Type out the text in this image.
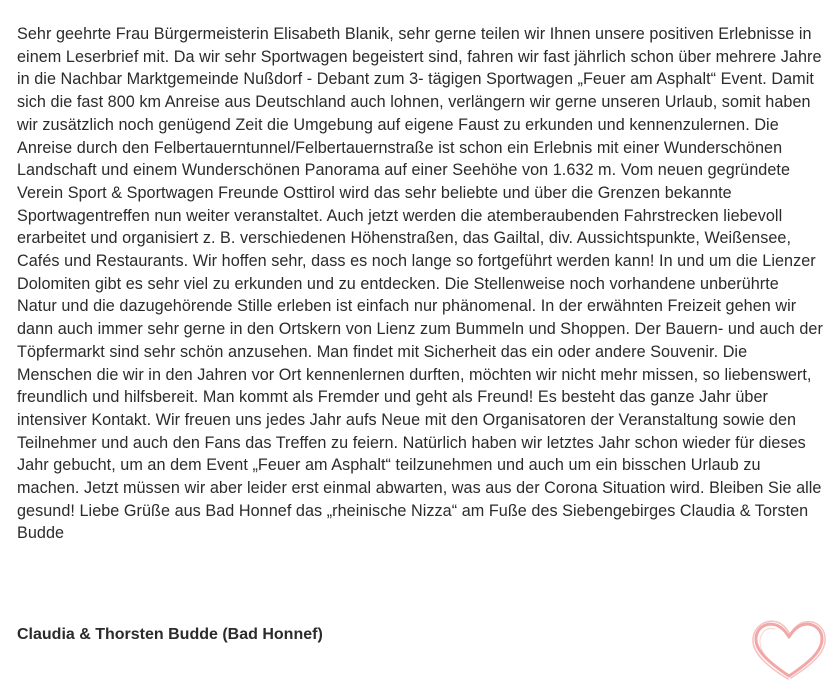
Sehr geehrte Frau Bürgermeisterin Elisabeth Blanik, sehr gerne teilen wir Ihnen unsere positiven Erlebnisse in einem Leserbrief mit. Da wir sehr Sportwagen begeistert sind, fahren wir fast jährlich schon über mehrere Jahre in die Nachbar Marktgemeinde Nußdorf - Debant zum 3- tägigen Sportwagen „Feuer am Asphalt“ Event. Damit sich die fast 800 km Anreise aus Deutschland auch lohnen, verlängern wir gerne unseren Urlaub, somit haben wir zusätzlich noch genügend Zeit die Umgebung auf eigene Faust zu erkunden und kennenzulernen. Die Anreise durch den Felbertauerntunnel/Felbertauernstraße ist schon ein Erlebnis mit einer Wunderschönen Landschaft und einem Wunderschönen Panorama auf einer Seehöhe von 1.632 m. Vom neuen gegründete Verein Sport & Sportwagen Freunde Osttirol wird das sehr beliebte und über die Grenzen bekannte Sportwagentreffen nun weiter veranstaltet. Auch jetzt werden die atemberaubenden Fahrstrecken liebevoll erarbeitet und organisiert z. B. verschiedenen Höhenstraßen, das Gailtal, div. Aussichtspunkte, Weißensee, Cafés und Restaurants. Wir hoffen sehr, dass es noch lange so fortgeführt werden kann! In und um die Lienzer Dolomiten gibt es sehr viel zu erkunden und zu entdecken. Die Stellenweise noch vorhandene unberührte Natur und die dazugehörende Stille erleben ist einfach nur phänomenal. In der erwähnten Freizeit gehen wir dann auch immer sehr gerne in den Ortskern von Lienz zum Bummeln und Shoppen. Der Bauern- und auch der Töpfermarkt sind sehr schön anzusehen. Man findet mit Sicherheit das ein oder andere Souvenir. Die Menschen die wir in den Jahren vor Ort kennenlernen durften, möchten wir nicht mehr missen, so liebenswert, freundlich und hilfsbereit. Man kommt als Fremder und geht als Freund! Es besteht das ganze Jahr über intensiver Kontakt. Wir freuen uns jedes Jahr aufs Neue mit den Organisatoren der Veranstaltung sowie den Teilnehmer und auch den Fans das Treffen zu feiern. Natürlich haben wir letztes Jahr schon wieder für dieses Jahr gebucht, um an dem Event „Feuer am Asphalt“ teilzunehmen und auch um ein bisschen Urlaub zu machen. Jetzt müssen wir aber leider erst einmal abwarten, was aus der Corona Situation wird. Bleiben Sie alle gesund! Liebe Grüße aus Bad Honnef das „rheinische Nizza“ am Fuße des Siebengebirges Claudia & Torsten Budde

Claudia & Thorsten Budde (Bad Honnef)
